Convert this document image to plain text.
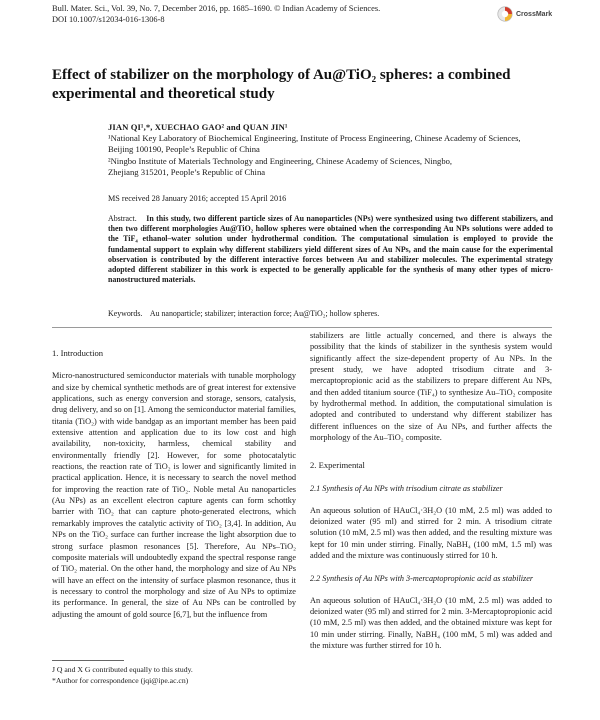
Bull. Mater. Sci., Vol. 39, No. 7, December 2016, pp. 1685–1690. © Indian Academy of Sciences.
DOI 10.1007/s12034-016-1306-8
CrossMark
Effect of stabilizer on the morphology of Au@TiO₂ spheres: a combined experimental and theoretical study
JIAN QI¹,*, XUECHAO GAO² and QUAN JIN¹
¹National Key Laboratory of Biochemical Engineering, Institute of Process Engineering, Chinese Academy of Sciences,
Beijing 100190, People’s Republic of China
²Ningbo Institute of Materials Technology and Engineering, Chinese Academy of Sciences, Ningbo,
Zhejiang 315201, People’s Republic of China
MS received 28 January 2016; accepted 15 April 2016
Abstract. In this study, two different particle sizes of Au nanoparticles (NPs) were synthesized using two different stabilizers, and then two different morphologies Au@TiO₂ hollow spheres were obtained when the corresponding Au NPs solutions were added to the TiF₄ ethanol–water solution under hydrothermal condition. The computational simulation is employed to provide the fundamental support to explain why different stabilizers yield different sizes of Au NPs, and the main cause for the experimental observation is contributed by the different interactive forces between Au and stabilizer molecules. The experimental strategy adopted different stabilizer in this work is expected to be generally applicable for the synthesis of many other types of micro-nanostructured materials.
Keywords. Au nanoparticle; stabilizer; interaction force; Au@TiO₂; hollow spheres.
1. Introduction

Micro-nanostructured semiconductor materials with tunable morphology and size by chemical synthetic methods are of great interest for extensive applications, such as energy conversion and storage, sensors, catalysis, drug delivery, and so on [1]. Among the semiconductor material families, titania (TiO₂) with wide bandgap as an important member has been paid extensive attention and application due to its low cost and high availability, non-toxicity, harmless, chemical stability and environmentally friendly [2]. However, for some photocatalytic reactions, the reaction rate of TiO₂ is lower and significantly limited in practical application. Hence, it is necessary to search the novel method for improving the reaction rate of TiO₂. Noble metal Au nanoparticles (Au NPs) as an excellent electron capture agents can form schottky barrier with TiO₂ that can capture photo-generated electrons, which remarkably improves the catalytic activity of TiO₂ [3,4]. In addition, Au NPs on the TiO₂ surface can further increase the light absorption due to strong surface plasmon resonances [5]. Therefore, Au NPs–TiO₂ composite materials will undoubtedly expand the spectral response range of TiO₂ material. On the other hand, the morphology and size of Au NPs will have an effect on the intensity of surface plasmon resonance, thus it is necessary to control the morphology and size of Au NPs to optimize its performance. In general, the size of Au NPs can be controlled by adjusting the amount of gold source [6,7], but the influence from

stabilizers are little actually concerned, and there is always the possibility that the kinds of stabilizer in the synthesis system would significantly affect the size-dependent property of Au NPs. In the present study, we have adopted trisodium citrate and 3-mercaptopropionic acid as the stabilizers to prepare different Au NPs, and then added titanium source (TiF₄) to synthesize Au–TiO₂ composite by hydrothermal method. In addition, the computational simulation is adopted and contributed to understand why different stabilizer has different influences on the size of Au NPs, and further affects the morphology of the Au–TiO₂ composite.

2. Experimental
2.1 Synthesis of Au NPs with trisodium citrate as stabilizer

An aqueous solution of HAuCl₄·3H₂O (10 mM, 2.5 ml) was added to deionized water (95 ml) and stirred for 2 min. A trisodium citrate solution (10 mM, 2.5 ml) was then added, and the resulting mixture was kept for 10 min under stirring. Finally, NaBH₄ (100 mM, 1.5 ml) was added and the mixture was continuously stirred for 10 h.

2.2 Synthesis of Au NPs with 3-mercaptopropionic acid as stabilizer

An aqueous solution of HAuCl₄·3H₂O (10 mM, 2.5 ml) was added to deionized water (95 ml) and stirred for 2 min. 3-Mercaptopropionic acid (10 mM, 2.5 ml) was then added, and the obtained mixture was kept for 10 min under stirring. Finally, NaBH₄ (100 mM, 5 ml) was added and the mixture was further stirred for 10 h.

J Q and X G contributed equally to this study.
*Author for correspondence (jqi@ipe.ac.cn)
